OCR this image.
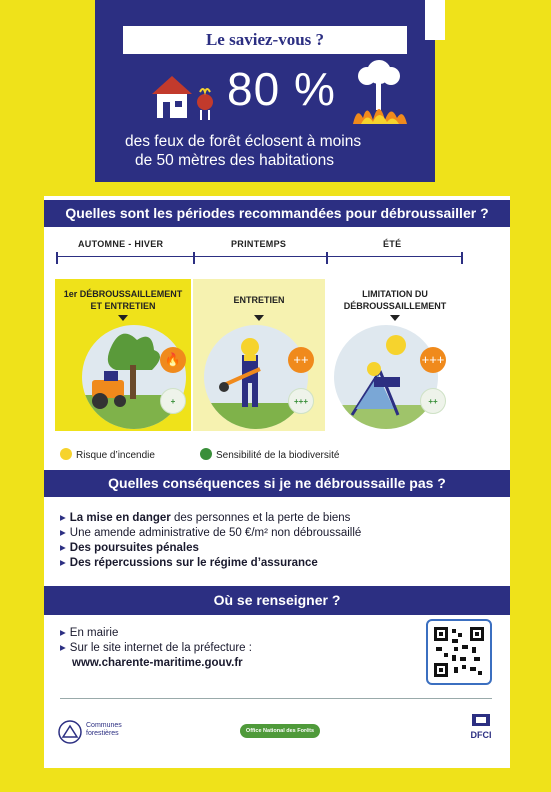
Le saviez-vous ?
80 %
des feux de forêt éclosent à moins
de 50 mètres des habitations
Quelles sont les périodes recommandées pour débroussailler ?
AUTOMNE - HIVER	PRINTEMPS	ÉTÉ
1er DÉBROUSSAILLEMENT
ET ENTRETIEN
🔥
+
ENTRETIEN
++
+++
LIMITATION DU
DÉBROUSSAILLEMENT
+++
++
Risque d’incendie	Sensibilité de la biodiversité
Quelles conséquences si je ne débroussaille pas ?
▸ La mise en danger des personnes et la perte de biens
▸ Une amende administrative de 50 €/m² non débroussaillé
▸ Des poursuites pénales
▸ Des répercussions sur le régime d’assurance
Où se renseigner ?
▸ En mairie
▸ Sur le site internet de la préfecture :
www.charente-maritime.gouv.fr
Communes
forestières	Office National des Forêts	DFCI
